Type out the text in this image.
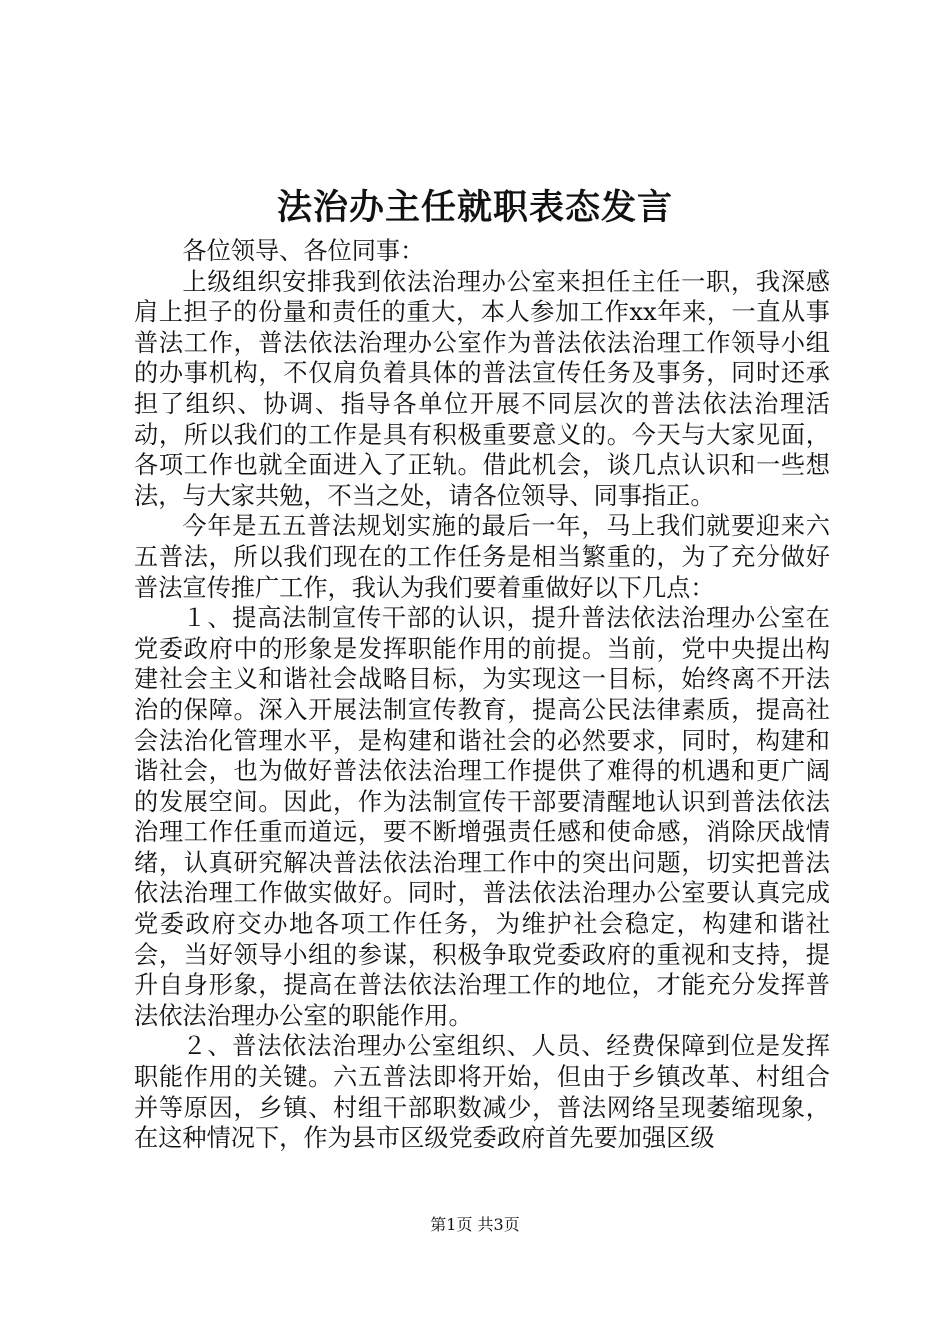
法治办主任就职表态发言

各位领导、各位同事：

上级组织安排我到依法治理办公室来担任主任一职，我深感肩上担子的份量和责任的重大，本人参加工作xx年来，一直从事普法工作，普法依法治理办公室作为普法依法治理工作领导小组的办事机构，不仅肩负着具体的普法宣传任务及事务，同时还承担了组织、协调、指导各单位开展不同层次的普法依法治理活动，所以我们的工作是具有积极重要意义的。今天与大家见面，各项工作也就全面进入了正轨。借此机会，谈几点认识和一些想法，与大家共勉，不当之处，请各位领导、同事指正。

今年是五五普法规划实施的最后一年，马上我们就要迎来六五普法，所以我们现在的工作任务是相当繁重的，为了充分做好普法宣传推广工作，我认为我们要着重做好以下几点：

１、提高法制宣传干部的认识，提升普法依法治理办公室在党委政府中的形象是发挥职能作用的前提。当前，党中央提出构建社会主义和谐社会战略目标，为实现这一目标，始终离不开法治的保障。深入开展法制宣传教育，提高公民法律素质，提高社会法治化管理水平，是构建和谐社会的必然要求，同时，构建和谐社会，也为做好普法依法治理工作提供了难得的机遇和更广阔的发展空间。因此，作为法制宣传干部要清醒地认识到普法依法治理工作任重而道远，要不断增强责任感和使命感，消除厌战情绪，认真研究解决普法依法治理工作中的突出问题，切实把普法依法治理工作做实做好。同时，普法依法治理办公室要认真完成党委政府交办地各项工作任务，为维护社会稳定，构建和谐社会，当好领导小组的参谋，积极争取党委政府的重视和支持，提升自身形象，提高在普法依法治理工作的地位，才能充分发挥普法依法治理办公室的职能作用。

２、普法依法治理办公室组织、人员、经费保障到位是发挥职能作用的关键。六五普法即将开始，但由于乡镇改革、村组合并等原因，乡镇、村组干部职数减少，普法网络呈现萎缩现象，在这种情况下，作为县市区级党委政府首先要加强区级

第1页 共3页
